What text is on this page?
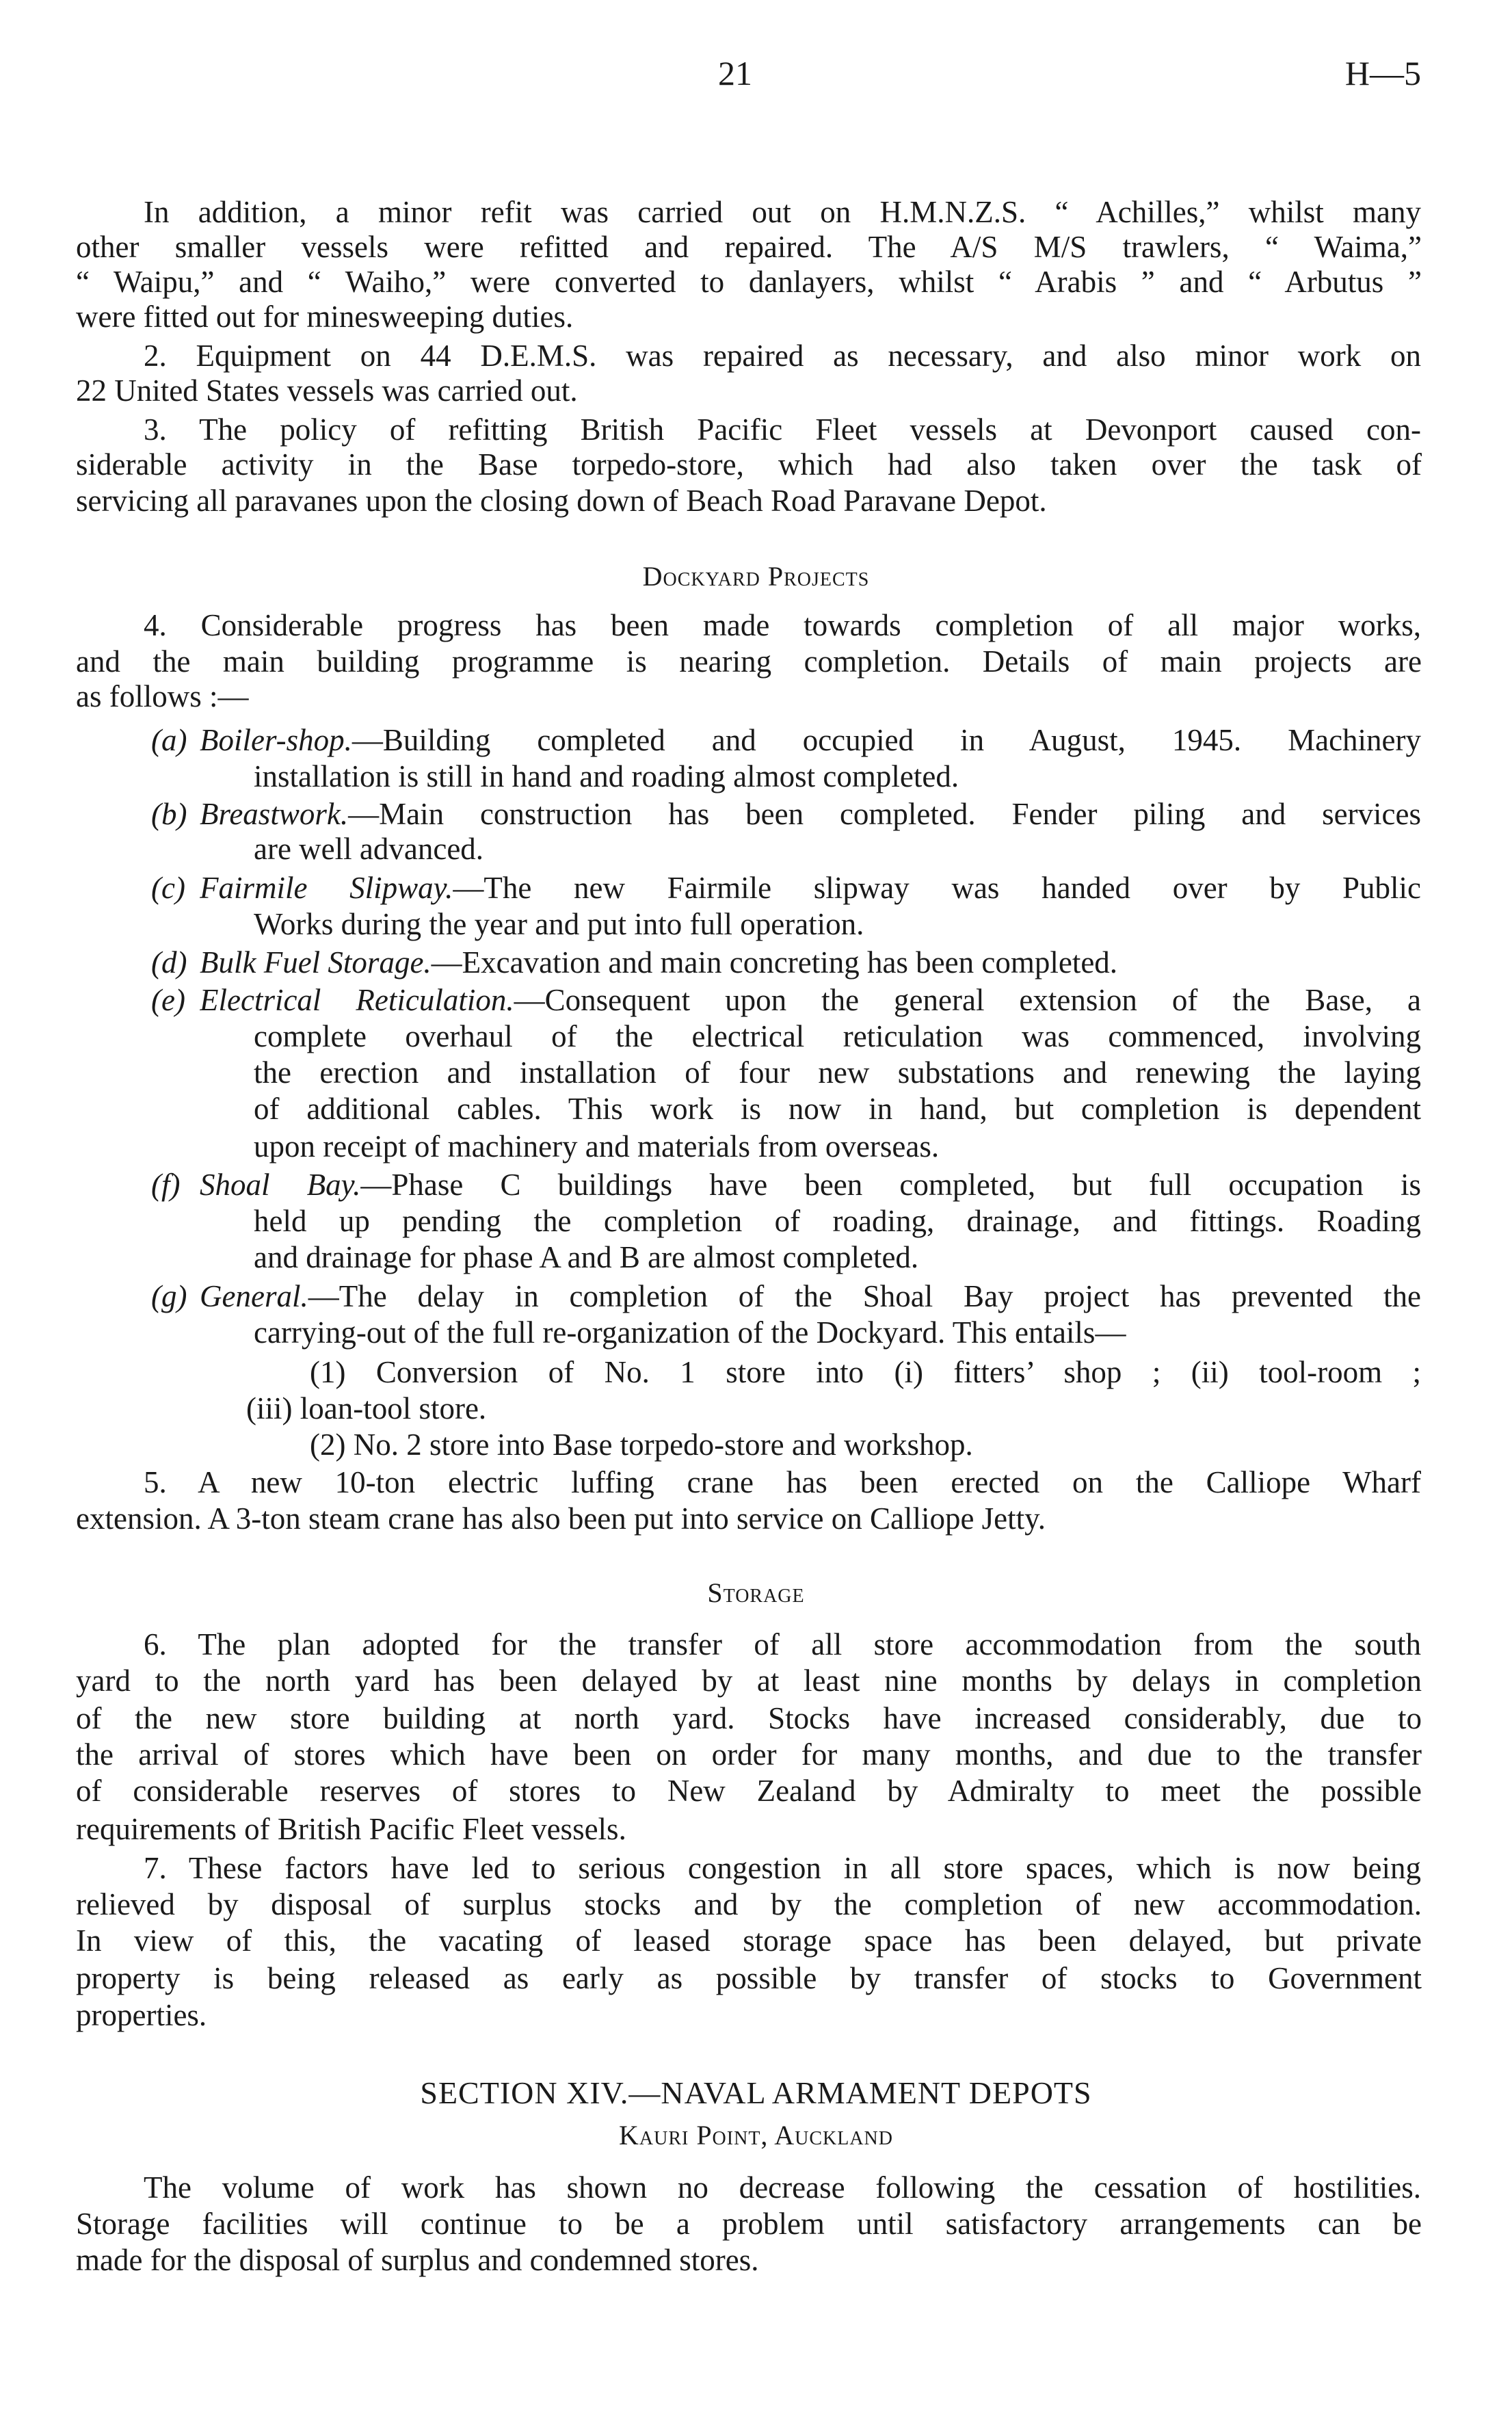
21	H—5
In addition, a minor refit was carried out on H.M.N.Z.S. “ Achilles,” whilst many
other smaller vessels were refitted and repaired. The A/S M/S trawlers, “ Waima,”
“ Waipu,” and “ Waiho,” were converted to danlayers, whilst “ Arabis ” and “ Arbutus ”
were fitted out for minesweeping duties.
2. Equipment on 44 D.E.M.S. was repaired as necessary, and also minor work on
22 United States vessels was carried out.
3. The policy of refitting British Pacific Fleet vessels at Devonport caused con-
siderable activity in the Base torpedo-store, which had also taken over the task of
servicing all paravanes upon the closing down of Beach Road Paravane Depot.
Dockyard Projects
4. Considerable progress has been made towards completion of all major works,
and the main building programme is nearing completion. Details of main projects are
as follows :—
(a) Boiler-shop.—Building completed and occupied in August, 1945. Machinery
installation is still in hand and roading almost completed.
(b) Breastwork.—Main construction has been completed. Fender piling and services
are well advanced.
(c) Fairmile Slipway.—The new Fairmile slipway was handed over by Public
Works during the year and put into full operation.
(d) Bulk Fuel Storage.—Excavation and main concreting has been completed.
(e) Electrical Reticulation.—Consequent upon the general extension of the Base, a
complete overhaul of the electrical reticulation was commenced, involving
the erection and installation of four new substations and renewing the laying
of additional cables. This work is now in hand, but completion is dependent
upon receipt of machinery and materials from overseas.
(f) Shoal Bay.—Phase C buildings have been completed, but full occupation is
held up pending the completion of roading, drainage, and fittings. Roading
and drainage for phase A and B are almost completed.
(g) General.—The delay in completion of the Shoal Bay project has prevented the
carrying-out of the full re-organization of the Dockyard. This entails—
(1) Conversion of No. 1 store into (i) fitters’ shop ; (ii) tool-room ;
(iii) loan-tool store.
(2) No. 2 store into Base torpedo-store and workshop.
5. A new 10-ton electric luffing crane has been erected on the Calliope Wharf
extension. A 3-ton steam crane has also been put into service on Calliope Jetty.
Storage
6. The plan adopted for the transfer of all store accommodation from the south
yard to the north yard has been delayed by at least nine months by delays in completion
of the new store building at north yard. Stocks have increased considerably, due to
the arrival of stores which have been on order for many months, and due to the transfer
of considerable reserves of stores to New Zealand by Admiralty to meet the possible
requirements of British Pacific Fleet vessels.
7. These factors have led to serious congestion in all store spaces, which is now being
relieved by disposal of surplus stocks and by the completion of new accommodation.
In view of this, the vacating of leased storage space has been delayed, but private
property is being released as early as possible by transfer of stocks to Government
properties.
SECTION XIV.—NAVAL ARMAMENT DEPOTS
Kauri Point, Auckland
The volume of work has shown no decrease following the cessation of hostilities.
Storage facilities will continue to be a problem until satisfactory arrangements can be
made for the disposal of surplus and condemned stores.
